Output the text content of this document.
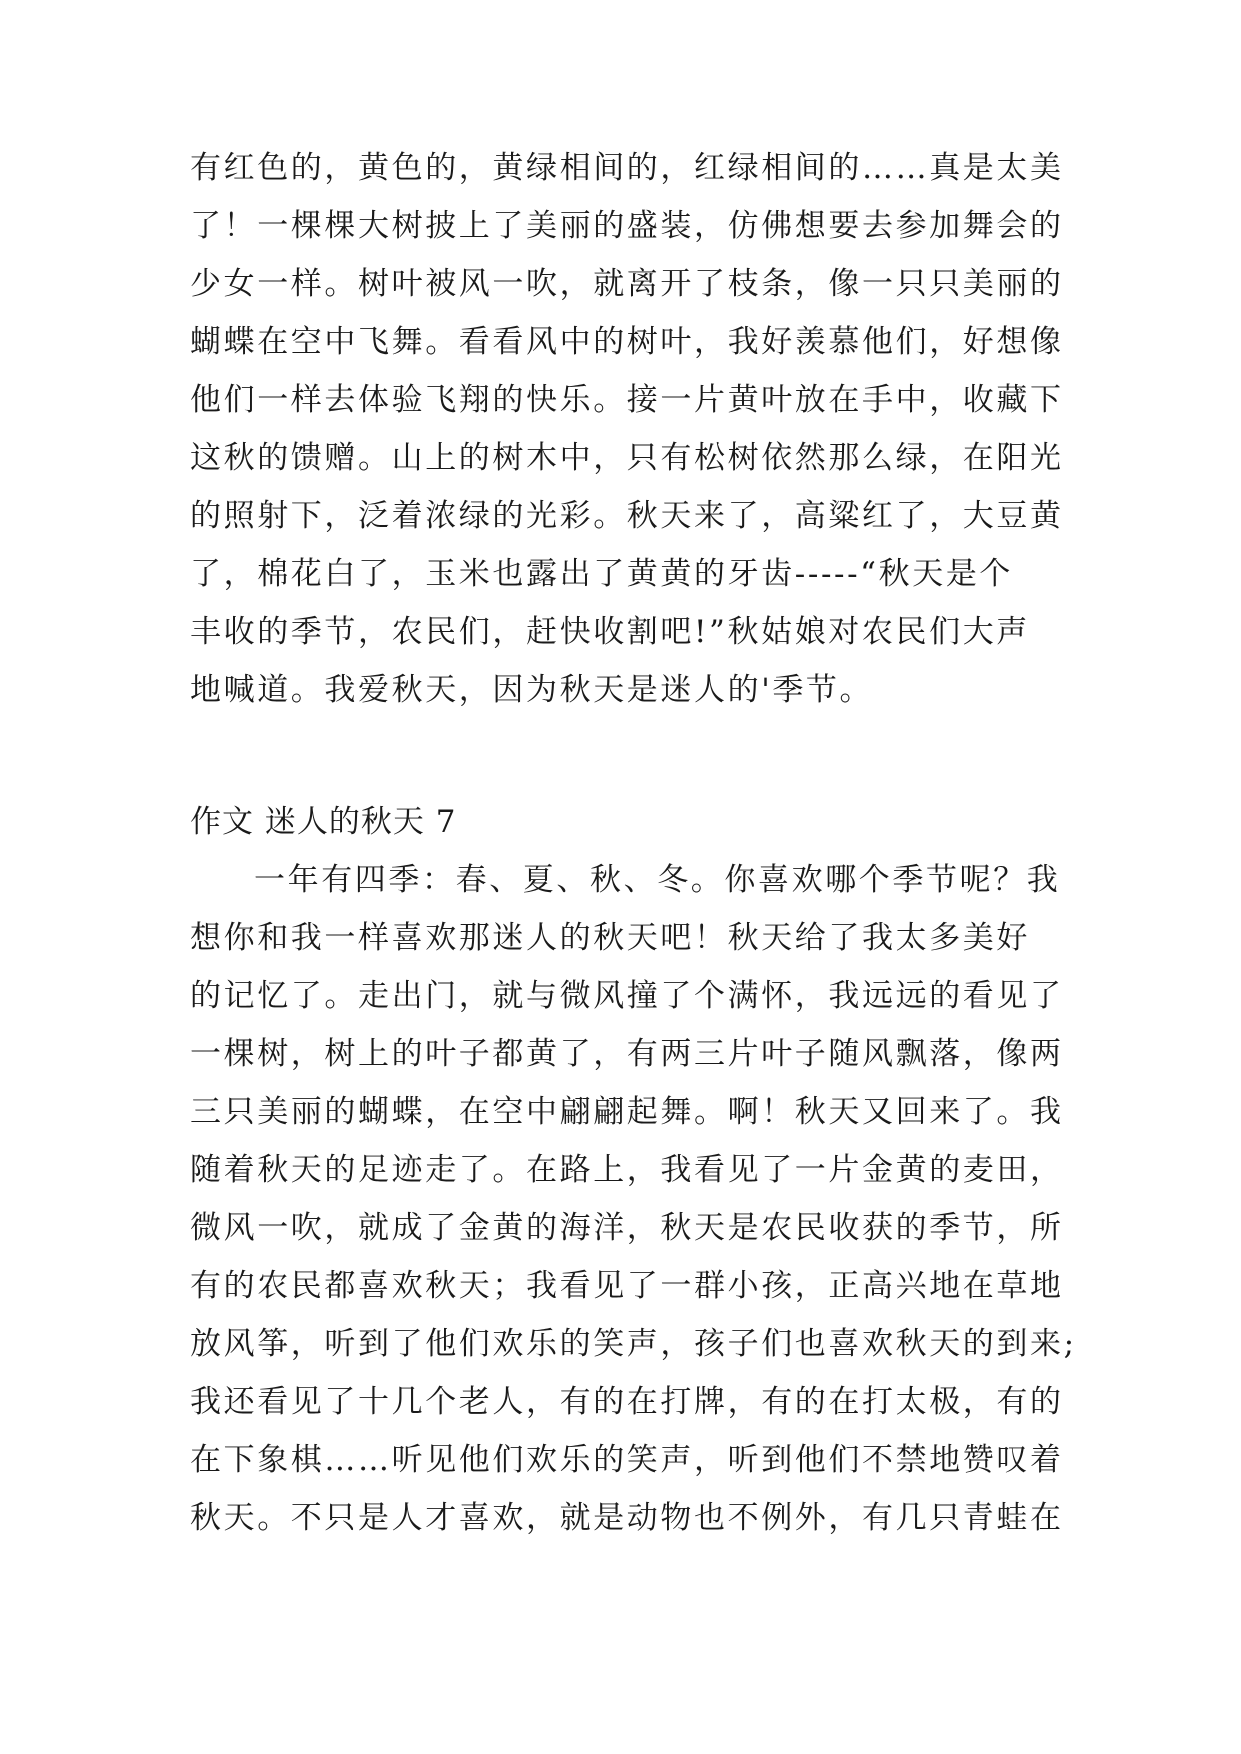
有红色的，黄色的，黄绿相间的，红绿相间的……真是太美
了！一棵棵大树披上了美丽的盛装，仿佛想要去参加舞会的
少女一样。树叶被风一吹，就离开了枝条，像一只只美丽的
蝴蝶在空中飞舞。看看风中的树叶，我好羡慕他们，好想像
他们一样去体验飞翔的快乐。接一片黄叶放在手中，收藏下
这秋的馈赠。山上的树木中，只有松树依然那么绿，在阳光
的照射下，泛着浓绿的光彩。秋天来了，高粱红了，大豆黄
了，棉花白了，玉米也露出了黄黄的牙齿-----“秋天是个
丰收的季节，农民们，赶快收割吧!”秋姑娘对农民们大声
地喊道。我爱秋天，因为秋天是迷人的'季节。
作文 迷人的秋天 7
一年有四季：春、夏、秋、冬。你喜欢哪个季节呢？我
想你和我一样喜欢那迷人的秋天吧！秋天给了我太多美好
的记忆了。走出门，就与微风撞了个满怀，我远远的看见了
一棵树，树上的叶子都黄了，有两三片叶子随风飘落，像两
三只美丽的蝴蝶，在空中翩翩起舞。啊！秋天又回来了。我
随着秋天的足迹走了。在路上，我看见了一片金黄的麦田，
微风一吹，就成了金黄的海洋，秋天是农民收获的季节，所
有的农民都喜欢秋天；我看见了一群小孩，正高兴地在草地
放风筝，听到了他们欢乐的笑声，孩子们也喜欢秋天的到来;
我还看见了十几个老人，有的在打牌，有的在打太极，有的
在下象棋……听见他们欢乐的笑声，听到他们不禁地赞叹着
秋天。不只是人才喜欢，就是动物也不例外，有几只青蛙在
